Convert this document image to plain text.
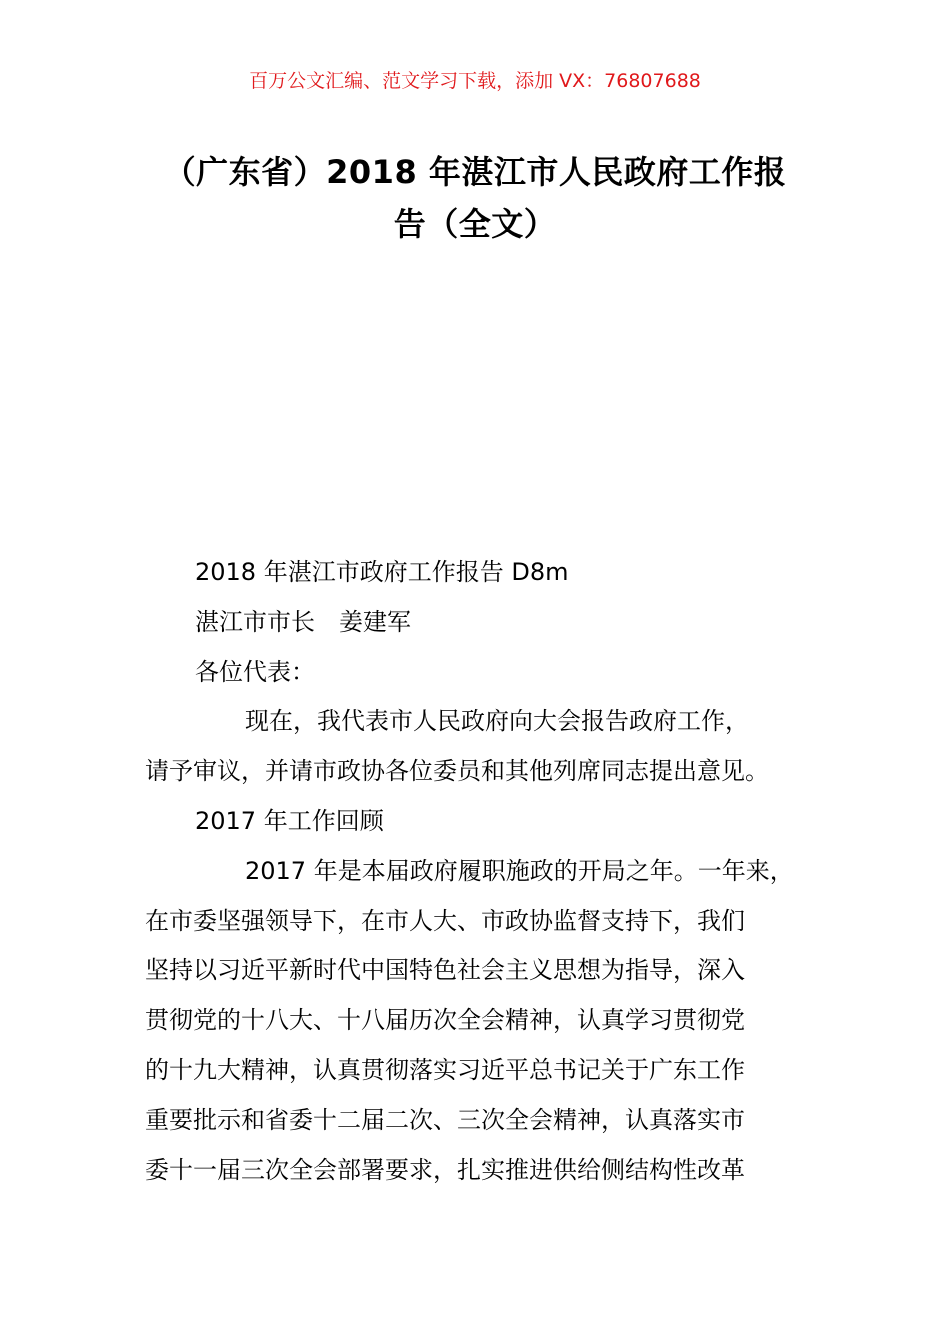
百万公文汇编、范文学习下载，添加 VX：76807688
（广东省）2018 年湛江市人民政府工作报
告（全文）
2018 年湛江市政府工作报告 D8m
湛江市市长 姜建军
各位代表：
现在，我代表市人民政府向大会报告政府工作，
请予审议，并请市政协各位委员和其他列席同志提出意见。
2017 年工作回顾
2017 年是本届政府履职施政的开局之年。一年来，
在市委坚强领导下，在市人大、市政协监督支持下，我们
坚持以习近平新时代中国特色社会主义思想为指导，深入
贯彻党的十八大、十八届历次全会精神，认真学习贯彻党
的十九大精神，认真贯彻落实习近平总书记关于广东工作
重要批示和省委十二届二次、三次全会精神，认真落实市
委十一届三次全会部署要求，扎实推进供给侧结构性改革
